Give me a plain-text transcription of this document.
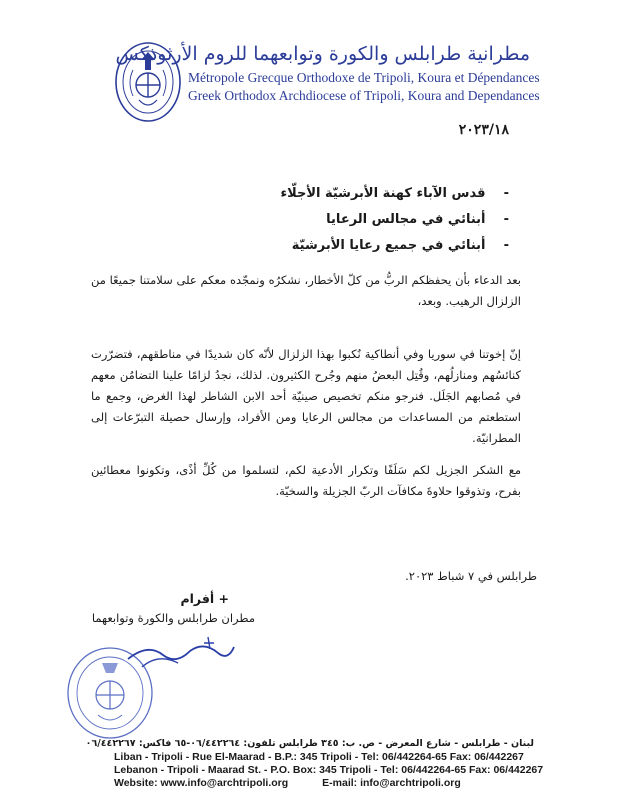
مطرانية طرابلس والكورة وتوابعهما للروم الأرثوذكس
Métropole Grecque Orthodoxe de Tripoli, Koura et Dépendances
Greek Orthodox Archdiocese of Tripoli, Koura and Dependances
٢٠٢٣/١٨
-    قدس الآباء كهنة الأبرشيّة الأجلّاء
-    أبنائي في مجالس الرعايا
-    أبنائي في جميع رعايا الأبرشيّة
بعد الدعاء بأن يحفظكم الربُّ من كلّ الأخطار، نشكرُه ونمجّده معكم على سلامتنا جميعًا من الزلزال الرهيب. وبعد،
إنّ إخوتنا في سوريا وفي أنطاكية نُكبوا بهذا الزلزال لأنّه كان شديدًا في مناطقهم، فتضرّرت كنائسُهم ومنازلُهم، وقُتِل البعضُ منهم وجُرح الكثيرون. لذلك، نجدُ لزامًا علينا التضامُن معهم في مُصابهم الجَلَل. فنرجو منكم تخصيص صينيّة أحد الابن الشاطر لهذا الغرض، وجمع ما استطعتم من المساعدات من مجالس الرعايا ومن الأفراد، وإرسال حصيلة التبرّعات إلى المطرانيّة.
مع الشكر الجزيل لكم سَلَفًا وتكرار الأدعية لكم، لتسلموا من كُلِّ أذًى، وتكونوا معطائين بفرح، وتذوقوا حلاوةَ مكافآت الربّ الجزيلة والسخيّة.
طرابلس في ٧ شباط ٢٠٢٣.
+ أفرام
مطران طرابلس والكورة وتوابعهما
لبنان - طرابلس - شارع المعرض - ص. ب: ٣٤٥ طرابلس تلفون: ٠٦/٤٤٢٢٦٤-٦٥ فاكس: ٠٦/٤٤٢٢٦٧
Liban - Tripoli - Rue El-Maarad - B.P.: 345 Tripoli - Tel: 06/442264-65 Fax: 06/442267
Lebanon - Tripoli - Maarad St. - P.O. Box: 345 Tripoli - Tel: 06/442264-65 Fax: 06/442267
Website: www.info@archtripoli.org	E-mail: info@archtripoli.org
